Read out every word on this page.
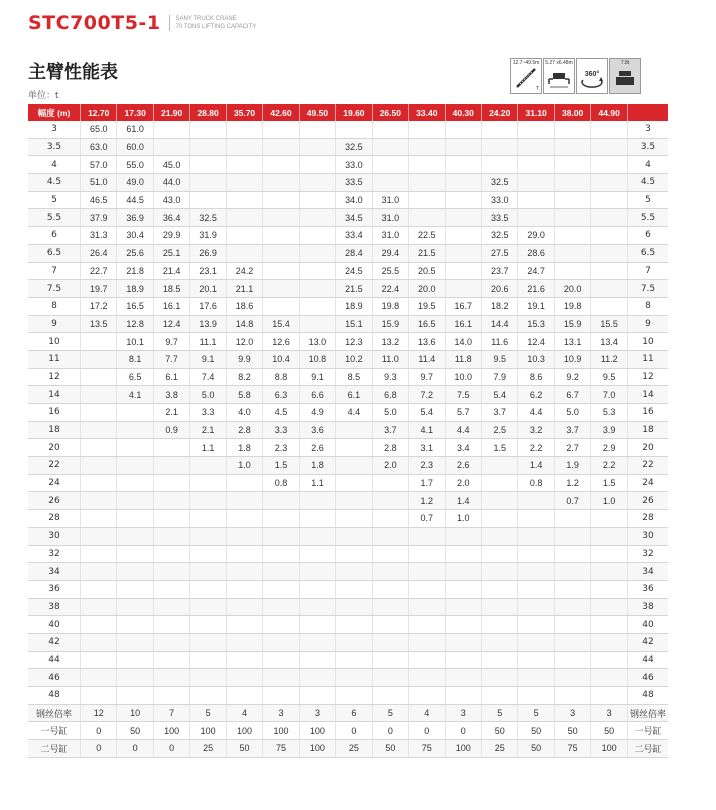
STC700T5-1	SANY TRUCK CRANE
70 TONS LIFTING CAPACITY
主臂性能表
单位：t
12.7~49.5m
T
5.27 x6.48m
360°
7.8t
幅度 (m)	12.70	17.30	21.90	28.80	35.70	42.60	49.50	19.60	26.50	33.40	40.30	24.20	31.10	38.00	44.90	
3	65.0	61.0														3
3.5	63.0	60.0						32.5								3.5
4	57.0	55.0	45.0					33.0								4
4.5	51.0	49.0	44.0					33.5				32.5				4.5
5	46.5	44.5	43.0					34.0	31.0			33.0				5
5.5	37.9	36.9	36.4	32.5				34.5	31.0			33.5				5.5
6	31.3	30.4	29.9	31.9				33.4	31.0	22.5		32.5	29.0			6
6.5	26.4	25.6	25.1	26.9				28.4	29.4	21.5		27.5	28.6			6.5
7	22.7	21.8	21.4	23.1	24.2			24.5	25.5	20.5		23.7	24.7			7
7.5	19.7	18.9	18.5	20.1	21.1			21.5	22.4	20.0		20.6	21.6	20.0		7.5
8	17.2	16.5	16.1	17.6	18.6			18.9	19.8	19.5	16.7	18.2	19.1	19.8		8
9	13.5	12.8	12.4	13.9	14.8	15.4		15.1	15.9	16.5	16.1	14.4	15.3	15.9	15.5	9
10		10.1	9.7	11.1	12.0	12.6	13.0	12.3	13.2	13.6	14.0	11.6	12.4	13.1	13.4	10
11		8.1	7.7	9.1	9.9	10.4	10.8	10.2	11.0	11.4	11.8	9.5	10.3	10.9	11.2	11
12		6.5	6.1	7.4	8.2	8.8	9.1	8.5	9.3	9.7	10.0	7.9	8.6	9.2	9.5	12
14		4.1	3.8	5.0	5.8	6.3	6.6	6.1	6.8	7.2	7.5	5.4	6.2	6.7	7.0	14
16			2.1	3.3	4.0	4.5	4.9	4.4	5.0	5.4	5.7	3.7	4.4	5.0	5.3	16
18			0.9	2.1	2.8	3.3	3.6		3.7	4.1	4.4	2.5	3.2	3.7	3.9	18
20				1.1	1.8	2.3	2.6		2.8	3.1	3.4	1.5	2.2	2.7	2.9	20
22					1.0	1.5	1.8		2.0	2.3	2.6		1.4	1.9	2.2	22
24						0.8	1.1			1.7	2.0		0.8	1.2	1.5	24
26										1.2	1.4			0.7	1.0	26
28										0.7	1.0					28
30																30
32																32
34																34
36																36
38																38
40																40
42																42
44																44
46																46
48																48
钢丝倍率	12	10	7	5	4	3	3	6	5	4	3	5	5	3	3	钢丝倍率
一号缸	0	50	100	100	100	100	100	0	0	0	0	50	50	50	50	一号缸
二号缸	0	0	0	25	50	75	100	25	50	75	100	25	50	75	100	二号缸
